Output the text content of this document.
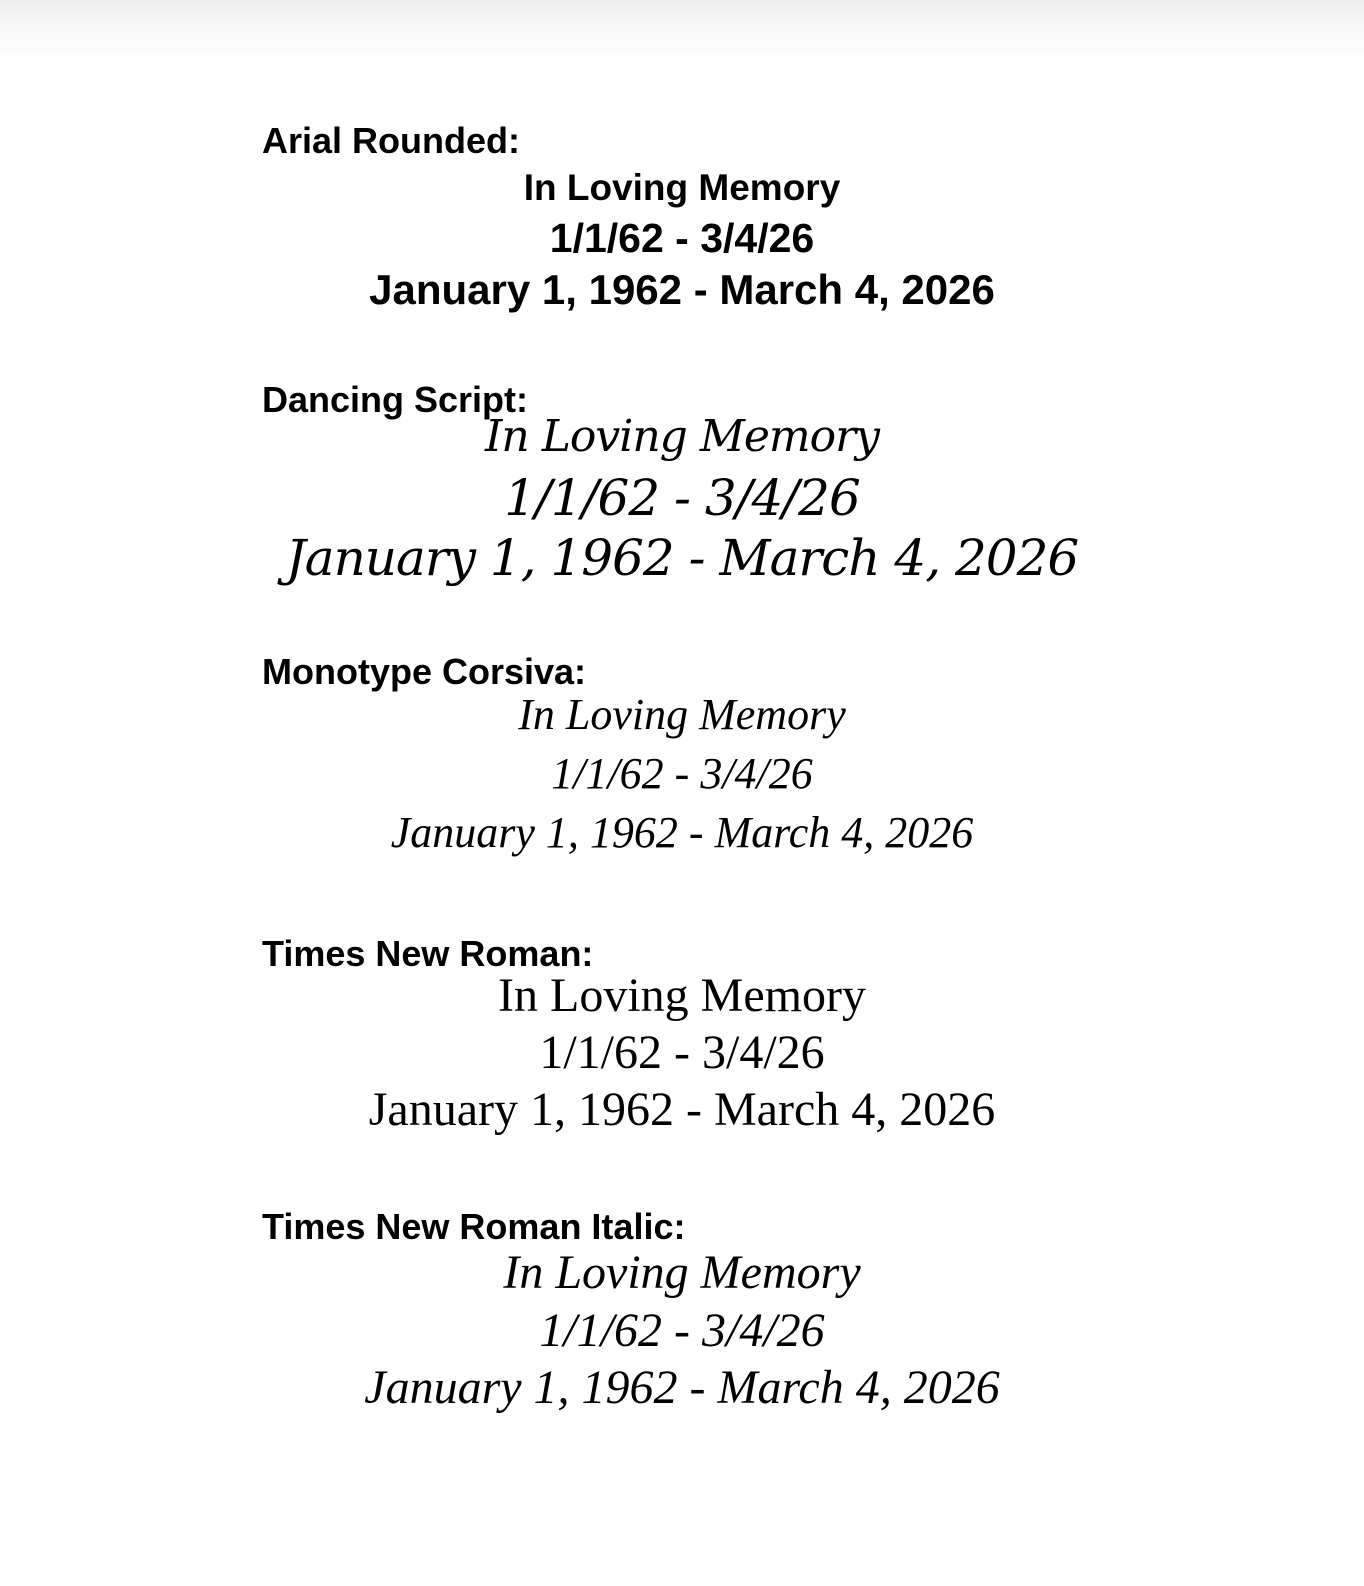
Arial Rounded:
In Loving Memory
1/1/62 - 3/4/26
January 1, 1962 - March 4, 2026
Dancing Script:
In Loving Memory
1/1/62 - 3/4/26
January 1, 1962 - March 4, 2026
Monotype Corsiva:
In Loving Memory
1/1/62 - 3/4/26
January 1, 1962 - March 4, 2026
Times New Roman:
In Loving Memory
1/1/62 - 3/4/26
January 1, 1962 - March 4, 2026
Times New Roman Italic:
In Loving Memory
1/1/62 - 3/4/26
January 1, 1962 - March 4, 2026
